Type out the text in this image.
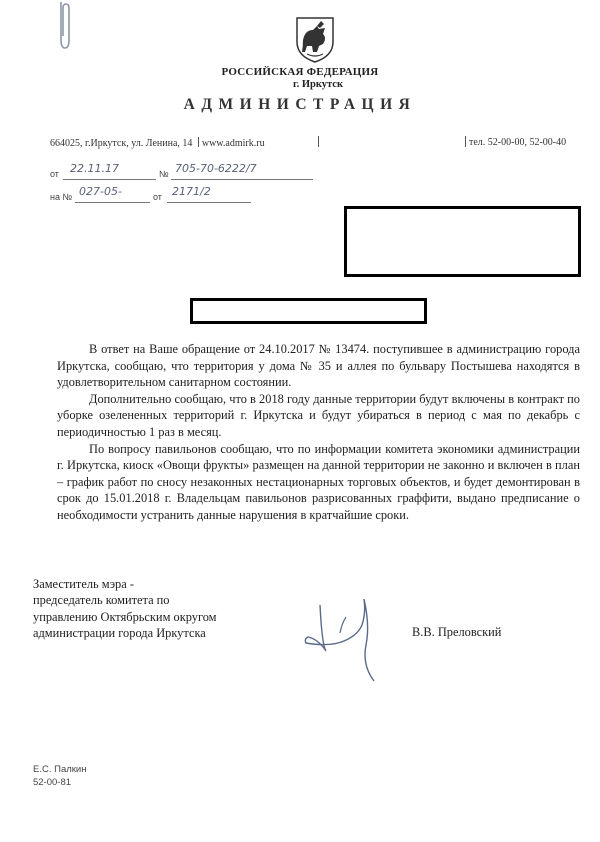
РОССИЙСКАЯ ФЕДЕРАЦИЯ
г. Иркутск
АДМИНИСТРАЦИЯ
664025, г.Иркутск, ул. Ленина, 14 www.admirk.ru	тел. 52-00-00, 52-00-40
от 22.11.17	№ 705-70-6222/7
на № 027-05-	от 2171/2

В ответ на Ваше обращение от 24.10.2017 № 13474. поступившее в администрацию города Иркутска, сообщаю, что территория у дома № 35 и аллея по бульвару Постышева находятся в удовлетворительном санитарном состоянии.

Дополнительно сообщаю, что в 2018 году данные территории будут включены в контракт по уборке озелененных территорий г. Иркутска и будут убираться в период с мая по декабрь с периодичностью 1 раз в месяц.

По вопросу павильонов сообщаю, что по информации комитета экономики администрации г. Иркутска, киоск «Овощи фрукты» размещен на данной территории не законно и включен в план – график работ по сносу незаконных нестационарных торговых объектов, и будет демонтирован в срок до 15.01.2018 г. Владельцам павильонов разрисованных граффити, выдано предписание о необходимости устранить данные нарушения в кратчайшие сроки.

Заместитель мэра -
председатель комитета по
управлению Октябрьским округом
администрации города Иркутска	В.В. Преловский
Е.С. Палкин
52-00-81
